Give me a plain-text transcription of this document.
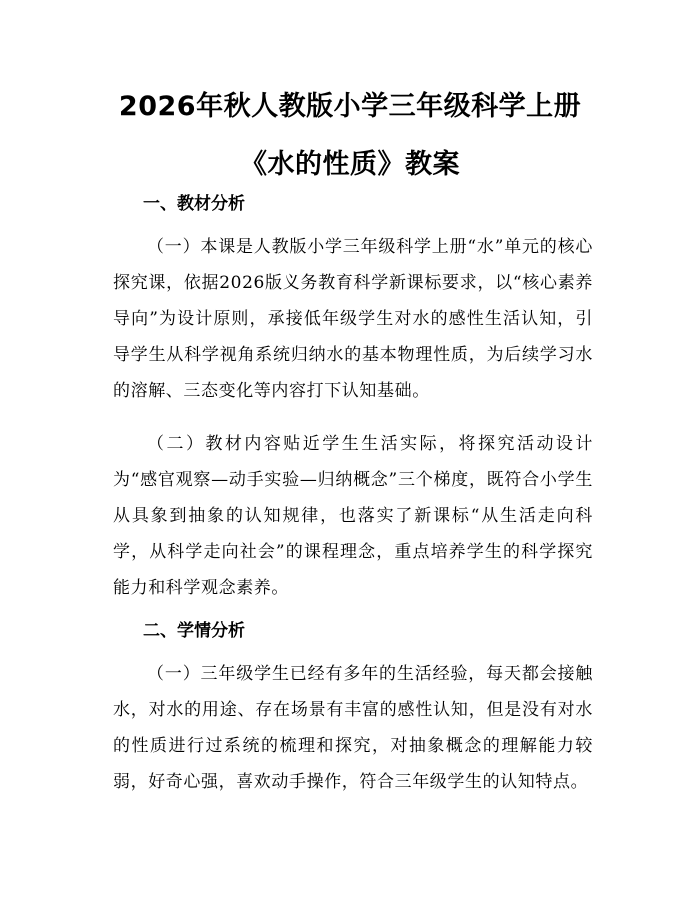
2026年秋人教版小学三年级科学上册《水的性质》教案
一、教材分析

（一）本课是人教版小学三年级科学上册“水”单元的核心探究课，依据2026版义务教育科学新课标要求，以“核心素养导向”为设计原则，承接低年级学生对水的感性生活认知，引导学生从科学视角系统归纳水的基本物理性质，为后续学习水的溶解、三态变化等内容打下认知基础。

（二）教材内容贴近学生生活实际，将探究活动设计为“感官观察—动手实验—归纳概念”三个梯度，既符合小学生从具象到抽象的认知规律，也落实了新课标“从生活走向科学，从科学走向社会”的课程理念，重点培养学生的科学探究能力和科学观念素养。

二、学情分析

（一）三年级学生已经有多年的生活经验，每天都会接触水，对水的用途、存在场景有丰富的感性认知，但是没有对水的性质进行过系统的梳理和探究，对抽象概念的理解能力较弱，好奇心强，喜欢动手操作，符合三年级学生的认知特点。
